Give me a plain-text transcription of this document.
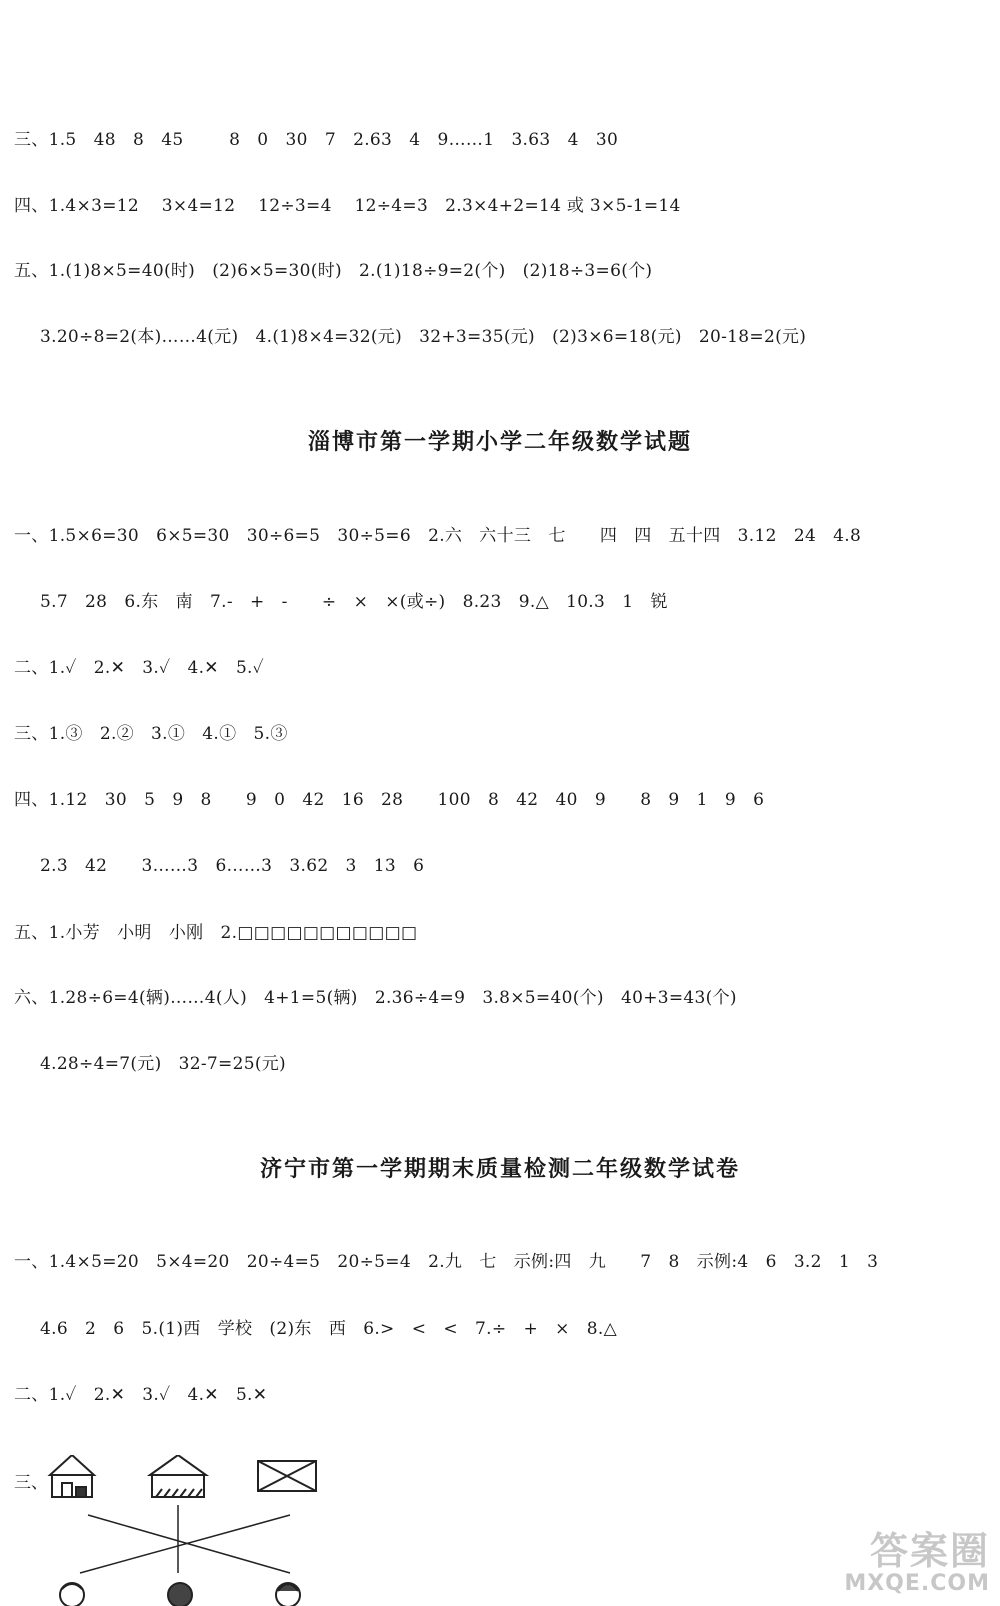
三、1.5   48   8   45        8   0   30   7   2.63   4   9……1   3.63   4   30
四、1.4×3=12    3×4=12    12÷3=4    12÷4=3   2.3×4+2=14 或 3×5-1=14
五、1.(1)8×5=40(时)   (2)6×5=30(时)   2.(1)18÷9=2(个)   (2)18÷3=6(个)
3.20÷8=2(本)……4(元)   4.(1)8×4=32(元)   32+3=35(元)   (2)3×6=18(元)   20-18=2(元)
淄博市第一学期小学二年级数学试题
一、1.5×6=30   6×5=30   30÷6=5   30÷5=6   2.六   六十三   七      四   四   五十四   3.12   24   4.8
5.7   28   6.东   南   7.-   +   -      ÷   ×   ×(或÷)   8.23   9.△   10.3   1   锐
二、1.✓   2.✕   3.✓   4.✕   5.✓
三、1.③   2.②   3.①   4.①   5.③
四、1.12   30   5   9   8      9   0   42   16   28      100   8   42   40   9      8   9   1   9   6
2.3   42      3……3   6……3   3.62   3   13   6
五、1.小芳   小明   小刚   2.□□□□□□□□□□□
六、1.28÷6=4(辆)……4(人)   4+1=5(辆)   2.36÷4=9   3.8×5=40(个)   40+3=43(个)
4.28÷4=7(元)   32-7=25(元)
济宁市第一学期期末质量检测二年级数学试卷
一、1.4×5=20   5×4=20   20÷4=5   20÷5=4   2.九   七   示例:四   九      7   8   示例:4   6   3.2   1   3
4.6   2   6   5.(1)西   学校   (2)东   西   6.>   <   <   7.÷   +   ×   8.△
二、1.✓   2.✕   3.✓   4.✕   5.✕
三、
答案圈
MXQE.COM
